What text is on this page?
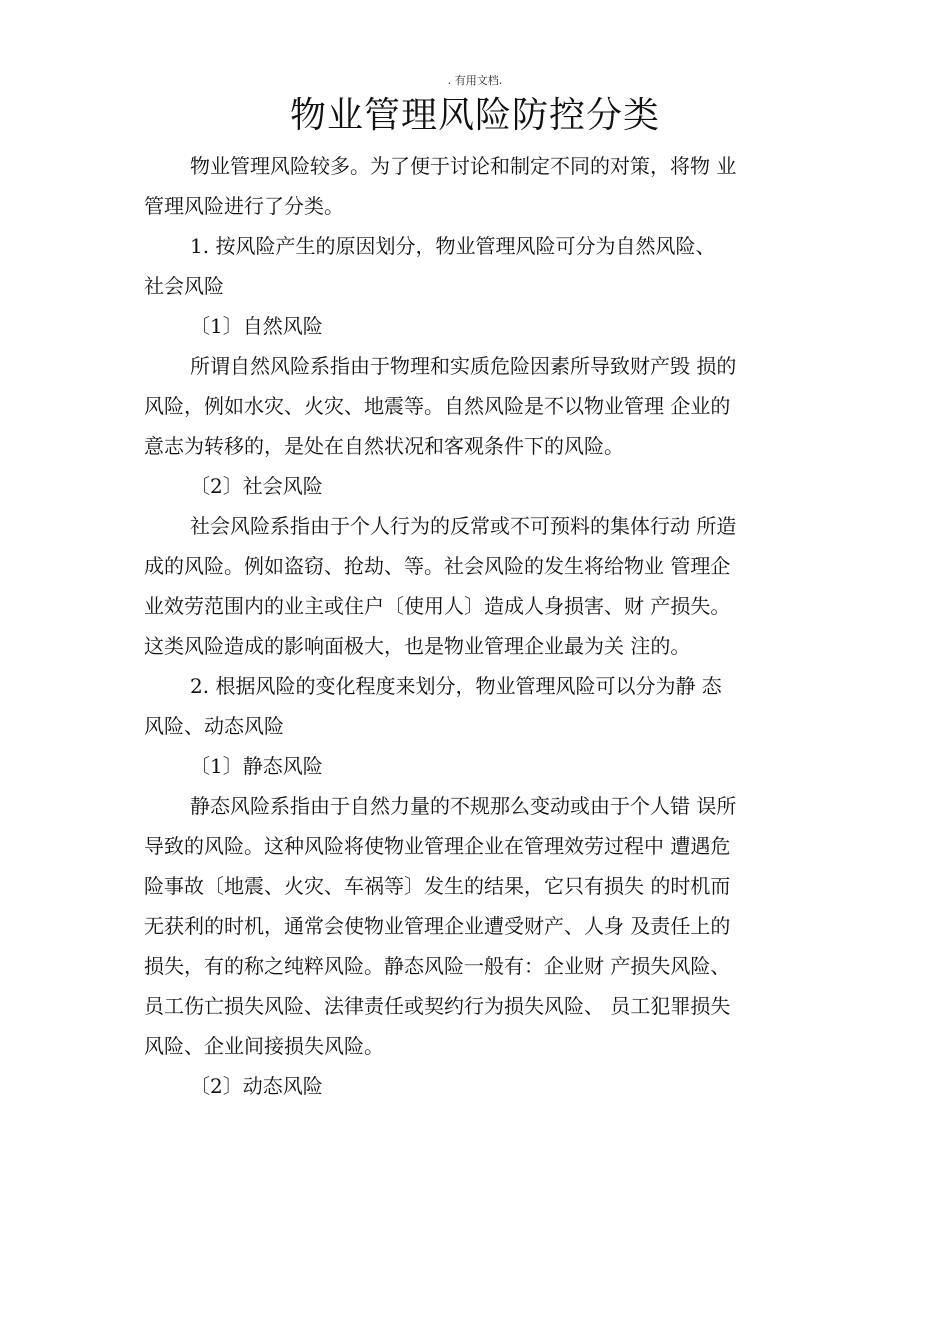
. 有用文档.
物业管理风险防控分类
物业管理风险较多。为了便于讨论和制定不同的对策，将物 业
管理风险进行了分类。
1. 按风险产生的原因划分，物业管理风险可分为自然风险、
社会风险
〔1〕自然风险
所谓自然风险系指由于物理和实质危险因素所导致财产毁 损的
风险，例如水灾、火灾、地震等。自然风险是不以物业管理 企业的
意志为转移的，是处在自然状况和客观条件下的风险。
〔2〕社会风险
社会风险系指由于个人行为的反常或不可预料的集体行动 所造
成的风险。例如盗窃、抢劫、等。社会风险的发生将给物业 管理企
业效劳范围内的业主或住户〔使用人〕造成人身损害、财 产损失。
这类风险造成的影响面极大，也是物业管理企业最为关 注的。
2. 根据风险的变化程度来划分，物业管理风险可以分为静 态
风险、动态风险
〔1〕静态风险
静态风险系指由于自然力量的不规那么变动或由于个人错 误所
导致的风险。这种风险将使物业管理企业在管理效劳过程中 遭遇危
险事故〔地震、火灾、车祸等〕发生的结果，它只有损失 的时机而
无获利的时机，通常会使物业管理企业遭受财产、人身 及责任上的
损失，有的称之纯粹风险。静态风险一般有：企业财 产损失风险、
员工伤亡损失风险、法律责任或契约行为损失风险、 员工犯罪损失
风险、企业间接损失风险。
〔2〕动态风险
